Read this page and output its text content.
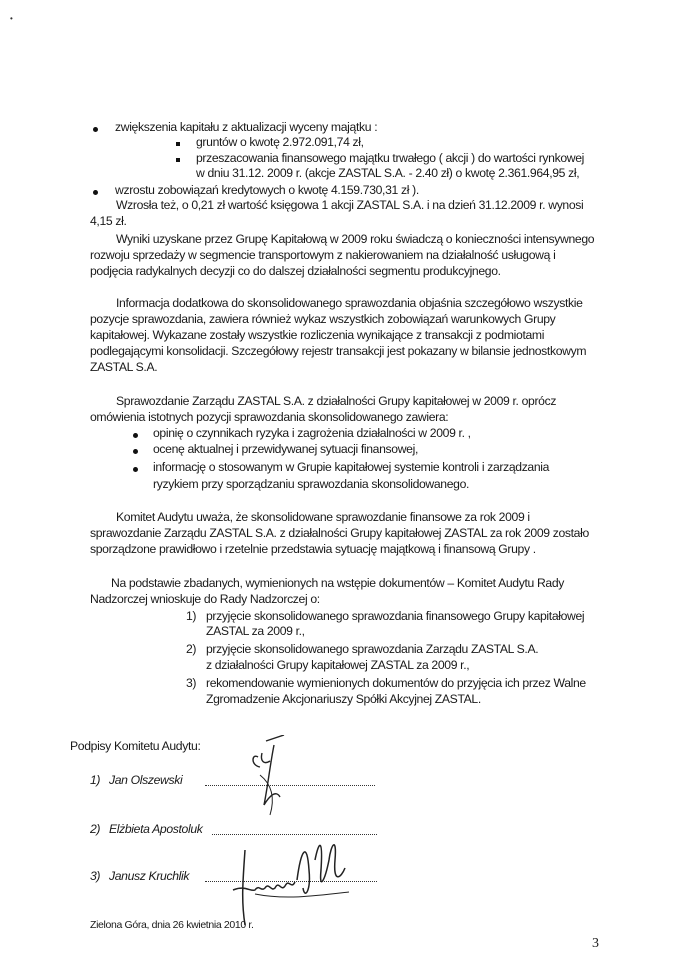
•
zwiększenia kapitału z aktualizacji wyceny majątku :
gruntów o kwotę 2.972.091,74 zł,
przeszacowania finansowego majątku trwałego ( akcji ) do wartości rynkowej
w dniu 31.12. 2009 r. (akcje ZASTAL S.A. - 2.40 zł) o kwotę 2.361.964,95 zł,
wzrostu zobowiązań kredytowych o kwotę 4.159.730,31 zł ).
Wzrosła też, o 0,21 zł wartość księgowa 1 akcji ZASTAL S.A. i na dzień 31.12.2009 r. wynosi
4,15 zł.
Wyniki uzyskane przez Grupę Kapitałową w 2009 roku świadczą o konieczności intensywnego
rozwoju sprzedaży w segmencie transportowym z nakierowaniem na działalność usługową i
podjęcia radykalnych decyzji co do dalszej działalności segmentu produkcyjnego.
Informacja dodatkowa do skonsolidowanego sprawozdania objaśnia szczegółowo wszystkie
pozycje sprawozdania, zawiera również wykaz wszystkich zobowiązań warunkowych Grupy
kapitałowej. Wykazane zostały wszystkie rozliczenia wynikające z transakcji z podmiotami
podlegającymi konsolidacji. Szczegółowy rejestr transakcji jest pokazany w bilansie jednostkowym
ZASTAL S.A.
Sprawozdanie Zarządu ZASTAL S.A. z działalności Grupy kapitałowej w 2009 r. oprócz
omówienia istotnych pozycji sprawozdania skonsolidowanego zawiera:
opinię o czynnikach ryzyka i zagrożenia działalności w 2009 r. ,
ocenę aktualnej i przewidywanej sytuacji finansowej,
informację o stosowanym w Grupie kapitałowej systemie kontroli i zarządzania
ryzykiem przy sporządzaniu sprawozdania skonsolidowanego.
Komitet Audytu uważa, że skonsolidowane sprawozdanie finansowe za rok 2009 i
sprawozdanie Zarządu ZASTAL S.A. z działalności Grupy kapitałowej ZASTAL za rok 2009 zostało
sporządzone prawidłowo i rzetelnie przedstawia sytuację majątkową i finansową Grupy .
Na podstawie zbadanych, wymienionych na wstępie dokumentów – Komitet Audytu Rady
Nadzorczej wnioskuje do Rady Nadzorczej o:
1) przyjęcie skonsolidowanego sprawozdania finansowego Grupy kapitałowej
ZASTAL za 2009 r.,
2) przyjęcie skonsolidowanego sprawozdania Zarządu ZASTAL S.A.
z działalności Grupy kapitałowej ZASTAL za 2009 r.,
3) rekomendowanie wymienionych dokumentów do przyjęcia ich przez Walne
Zgromadzenie Akcjonariuszy Spółki Akcyjnej ZASTAL.
Podpisy Komitetu Audytu:
1) Jan Olszewski
2) Elżbieta Apostoluk
3) Janusz Kruchlik
Zielona Góra, dnia 26 kwietnia 2010 r.
3
